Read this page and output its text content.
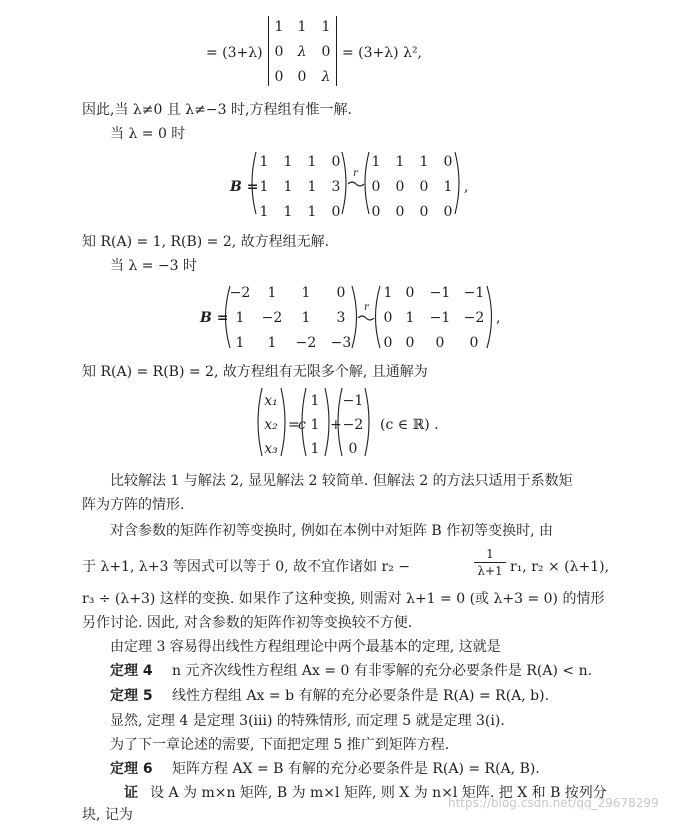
= (3+λ)
1	1	1
0	λ	0
0	0	λ
= (3+λ) λ²,
因此,当 λ≠0 且 λ≠−3 时,方程组有惟一解.
当 λ = 0 时
B =
1	1	1	0
1	1	1	3
1	1	1	0
r
1	1	1	0
0	0	0	1
0	0	0	0
,
知 R(A) = 1, R(B) = 2, 故方程组无解.
当 λ = −3 时
B =
−2	1	1	0
1	−2	1	3
1	1	−2 −3
r
1 0	−1 −1
0 1	−1 −2
0 0	0	0
,
知 R(A) = R(B) = 2, 故方程组有无限多个解, 且通解为
x₁
x₂
x₃
=
c
1
1
1
+
−1
−2
0
(c ∈ ℝ) .
比较解法 1 与解法 2, 显见解法 2 较简单. 但解法 2 的方法只适用于系数矩
阵为方阵的情形.
对含参数的矩阵作初等变换时, 例如在本例中对矩阵 B 作初等变换时, 由
于 λ+1, λ+3 等因式可以等于 0, 故不宜作诸如 r₂ −
1
λ+1 r₁, r₂ × (λ+1),
r₃ ÷ (λ+3) 这样的变换. 如果作了这种变换, 则需对 λ+1 = 0 (或 λ+3 = 0) 的情形
另作讨论. 因此, 对含参数的矩阵作初等变换较不方便.
由定理 3 容易得出线性方程组理论中两个最基本的定理, 这就是
定理 4 n 元齐次线性方程组 Ax = 0 有非零解的充分必要条件是 R(A) < n.
定理 5 线性方程组 Ax = b 有解的充分必要条件是 R(A) = R(A, b).
显然, 定理 4 是定理 3(iii) 的特殊情形, 而定理 5 就是定理 3(i).
为了下一章论述的需要, 下面把定理 5 推广到矩阵方程.
定理 6 矩阵方程 AX = B 有解的充分必要条件是 R(A) = R(A, B).
证 设 A 为 m×n 矩阵, B 为 m×l 矩阵, 则 X 为 n×l 矩阵. 把 X 和 B 按列分
块, 记为
https://blog.csdn.net/qq_29678299
